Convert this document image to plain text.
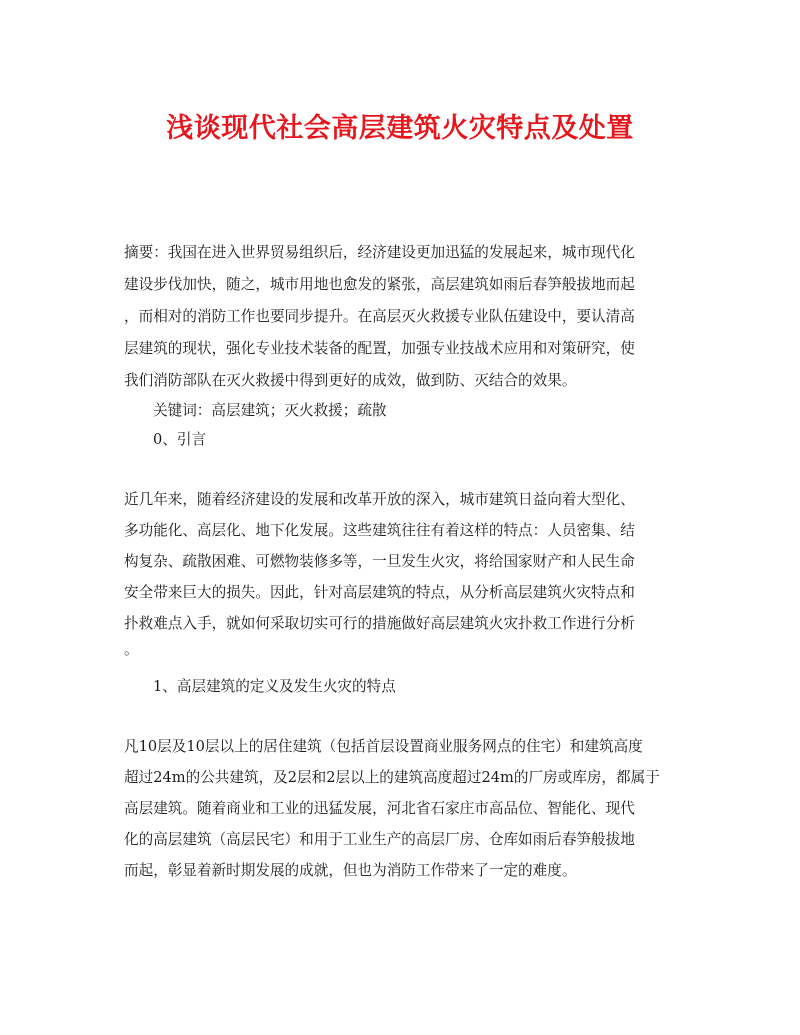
浅谈现代社会高层建筑火灾特点及处置
摘要：我国在进入世界贸易组织后，经济建设更加迅猛的发展起来，城市现代化
建设步伐加快，随之，城市用地也愈发的紧张，高层建筑如雨后春笋般拔地而起
，而相对的消防工作也要同步提升。在高层灭火救援专业队伍建设中，要认清高
层建筑的现状，强化专业技术装备的配置，加强专业技战术应用和对策研究，使
我们消防部队在灭火救援中得到更好的成效，做到防、灭结合的效果。
关键词：高层建筑；灭火救援；疏散
0、引言
近几年来，随着经济建设的发展和改革开放的深入，城市建筑日益向着大型化、
多功能化、高层化、地下化发展。这些建筑往往有着这样的特点：人员密集、结
构复杂、疏散困难、可燃物装修多等，一旦发生火灾，将给国家财产和人民生命
安全带来巨大的损失。因此，针对高层建筑的特点，从分析高层建筑火灾特点和
扑救难点入手，就如何采取切实可行的措施做好高层建筑火灾扑救工作进行分析
。
1、高层建筑的定义及发生火灾的特点
凡10层及10层以上的居住建筑（包括首层设置商业服务网点的住宅）和建筑高度
超过24m的公共建筑，及2层和2层以上的建筑高度超过24m的厂房或库房，都属于
高层建筑。随着商业和工业的迅猛发展，河北省石家庄市高品位、智能化、现代
化的高层建筑（高层民宅）和用于工业生产的高层厂房、仓库如雨后春笋般拔地
而起，彰显着新时期发展的成就，但也为消防工作带来了一定的难度。
